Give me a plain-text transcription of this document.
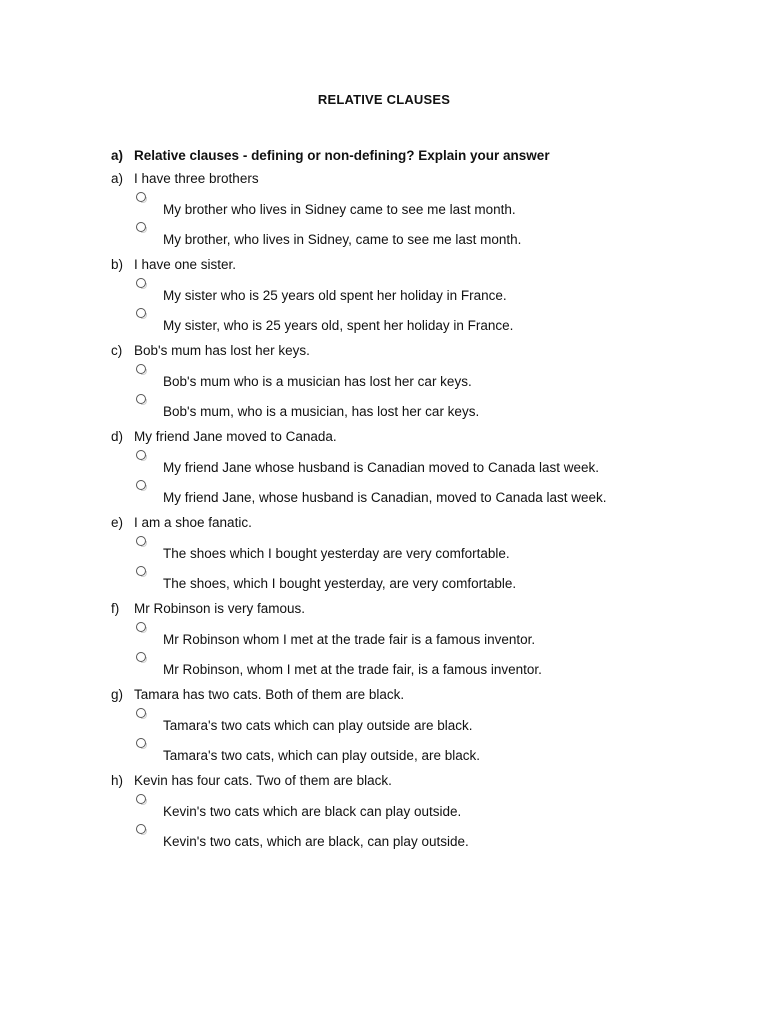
RELATIVE CLAUSES
a) Relative clauses - defining or non-defining? Explain your answer
a) I have three brothers
My brother who lives in Sidney came to see me last month.
My brother, who lives in Sidney, came to see me last month.
b) I have one sister.
My sister who is 25 years old spent her holiday in France.
My sister, who is 25 years old, spent her holiday in France.
c) Bob's mum has lost her keys.
Bob's mum who is a musician has lost her car keys.
Bob's mum, who is a musician, has lost her car keys.
d) My friend Jane moved to Canada.
My friend Jane whose husband is Canadian moved to Canada last week.
My friend Jane, whose husband is Canadian, moved to Canada last week.
e) I am a shoe fanatic.
The shoes which I bought yesterday are very comfortable.
The shoes, which I bought yesterday, are very comfortable.
f) Mr Robinson is very famous.
Mr Robinson whom I met at the trade fair is a famous inventor.
Mr Robinson, whom I met at the trade fair, is a famous inventor.
g) Tamara has two cats. Both of them are black.
Tamara's two cats which can play outside are black.
Tamara's two cats, which can play outside, are black.
h) Kevin has four cats. Two of them are black.
Kevin's two cats which are black can play outside.
Kevin's two cats, which are black, can play outside.
